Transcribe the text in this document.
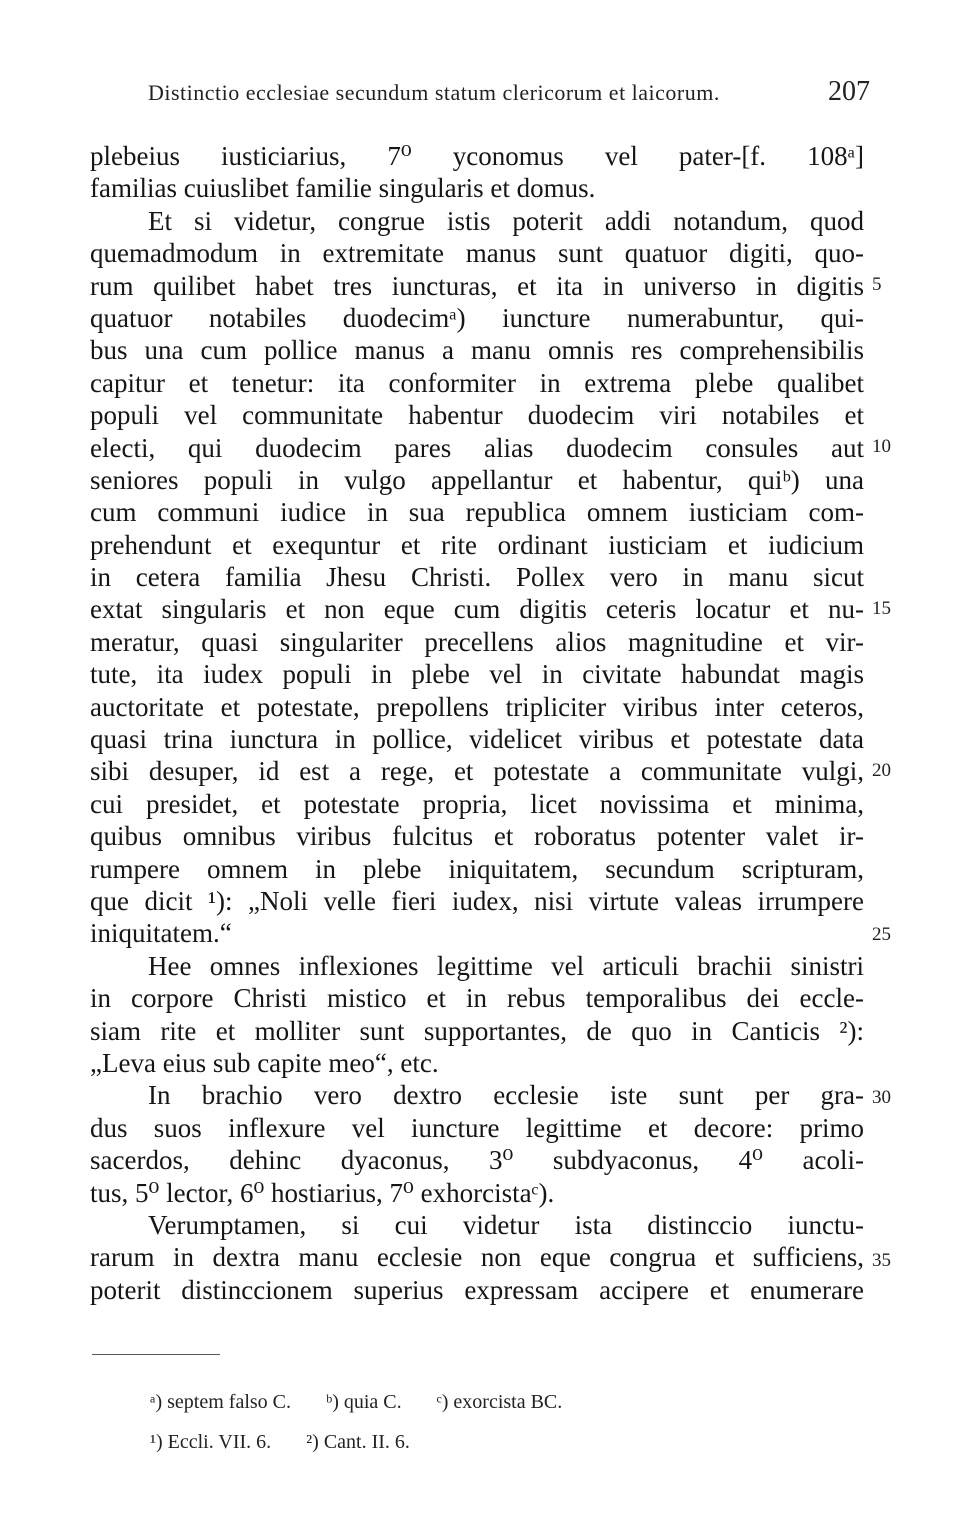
Distinctio ecclesiae secundum statum clericorum et laicorum.	207
plebeius iusticiarius, 7⁰ yconomus vel pater-[f. 108ᵃ]
familias cuiuslibet familie singularis et domus.
Et si videtur, congrue istis poterit addi notandum, quod
quemadmodum in extremitate manus sunt quatuor digiti, quo-
rum quilibet habet tres iuncturas, et ita in universo in digitis
quatuor notabiles duodecimᵃ) iuncture numerabuntur, qui-
bus una cum pollice manus a manu omnis res comprehensibilis
capitur et tenetur: ita conformiter in extrema plebe qualibet
populi vel communitate habentur duodecim viri notabiles et
electi, qui duodecim pares alias duodecim consules aut
seniores populi in vulgo appellantur et habentur, quiᵇ) una
cum communi iudice in sua republica omnem iusticiam com-
prehendunt et exequntur et rite ordinant iusticiam et iudicium
in cetera familia Jhesu Christi. Pollex vero in manu sicut
extat singularis et non eque cum digitis ceteris locatur et nu-
meratur, quasi singulariter precellens alios magnitudine et vir-
tute, ita iudex populi in plebe vel in civitate habundat magis
auctoritate et potestate, prepollens tripliciter viribus inter ceteros,
quasi trina iunctura in pollice, videlicet viribus et potestate data
sibi desuper, id est a rege, et potestate a communitate vulgi,
cui presidet, et potestate propria, licet novissima et minima,
quibus omnibus viribus fulcitus et roboratus potenter valet ir-
rumpere omnem in plebe iniquitatem, secundum scripturam,
que dicit ¹): „Noli velle fieri iudex, nisi virtute valeas irrumpere
iniquitatem.“
Hee omnes inflexiones legittime vel articuli brachii sinistri
in corpore Christi mistico et in rebus temporalibus dei eccle-
siam rite et molliter sunt supportantes, de quo in Canticis ²):
„Leva eius sub capite meo“, etc.
In brachio vero dextro ecclesie iste sunt per gra-
dus suos inflexure vel iuncture legittime et decore: primo
sacerdos, dehinc dyaconus, 3⁰ subdyaconus, 4⁰ acoli-
tus, 5⁰ lector, 6⁰ hostiarius, 7⁰ exhorcistaᶜ).
Verumptamen, si cui videtur ista distinccio iunctu-
rarum in dextra manu ecclesie non eque congrua et sufficiens,
poterit distinccionem superius expressam accipere et enumerare
5
10
15
20
25
30
35
ᵃ) septem falso C. ᵇ) quia C. ᶜ) exorcista BC.
¹) Eccli. VII. 6. ²) Cant. II. 6.
